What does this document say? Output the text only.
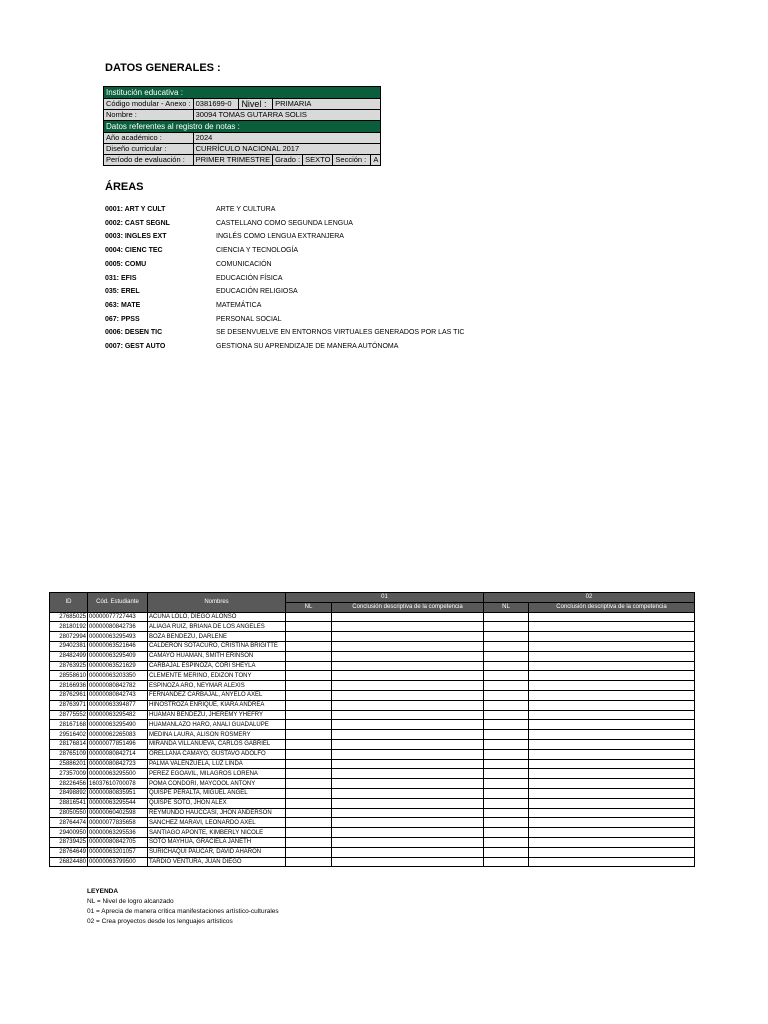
DATOS GENERALES :
Institución educativa :					
Código modular - Anexo :	0381699-0	Nivel :	PRIMARIA		
Nombre :	30094 TOMAS GUTARRA SOLIS				
Datos referentes al registro de notas :					
Año académico :	2024				
Diseño curricular :	CURRÍCULO NACIONAL 2017				
Período de evaluación :	PRIMER TRIMESTRE		Grado :	SEXTO	Sección : A
ÁREAS
0001: ART Y CULT	ARTE Y CULTURA
0002: CAST SEGNL	CASTELLANO COMO SEGUNDA LENGUA
0003: INGLES EXT	INGLÉS COMO LENGUA EXTRANJERA
0004: CIENC TEC	CIENCIA Y TECNOLOGÍA
0005: COMU	COMUNICACIÓN
031: EFIS	EDUCACIÓN FÍSICA
035: EREL	EDUCACIÓN RELIGIOSA
063: MATE	MATEMÁTICA
067: PPSS	PERSONAL SOCIAL
0006: DESEN TIC	SE DESENVUELVE EN ENTORNOS VIRTUALES GENERADOS POR LAS TIC
0007: GEST AUTO	GESTIONA SU APRENDIZAJE DE MANERA AUTÓNOMA
ID	Cód. Estudiante	Nombres	01		02	
			NL	Conclusión descriptiva de la competencia	NL	Conclusión descriptiva de la competencia
27685025	00000077727443	ACUNA LOLO, DIEGO ALONSO				
28180192	00000080842736	ALIAGA RUIZ, BRIANA DE LOS ANGELES				
28072994	00000063295493	BOZA BENDEZU, DARLENE				
29402381	00000063521646	CALDERON SOTACURO, CRISTINA BRIGITTE				
28482499	00000063295409	CAMAYO HUAMAN, SMITH ERINSON				
28763925	00000063521629	CARBAJAL ESPINOZA, CORI SHEYLA				
28558610	00000063203350	CLEMENTE MERINO, EDIZON TONY				
28166936	00000080842782	ESPINOZA ARO, NEYMAR ALEXIS				
28762961	00000080842743	FERNANDEZ CARBAJAL, ANYELO AXEL				
28763971	00000063394877	HINOSTROZA ENRIQUE, KIARA ANDREA				
28775552	00000063295482	HUAMAN BENDEZU, JHEREMY YHEFRY				
28167168	00000063295490	HUAMANLAZO HARO, ANALI GUADALUPE				
29516402	00000062265083	MEDINA LAURA, ALISON ROSMERY				
28176814	00000077851496	MIRANDA VILLANUEVA, CARLOS GABRIEL				
28765109	00000080842714	ORELLANA CAMAYO, GUSTAVO ADOLFO				
25886201	00000080842723	PALMA VALENZUELA, LUZ LINDA				
27357009	00000063295500	PEREZ EGOAVIL, MILAGROS LORENA				
28226456	16037610700078	POMA CONDORI, MAYCOOL ANTONY				
28498892	00000080835951	QUISPE PERALTA, MIGUEL ANGEL				
28816541	00000063295544	QUISPE SOTO, JHON ALEX				
28050550	00000060402598	REYMUNDO HAUCCASI, JHON ANDERSON				
28764474	00000077835658	SANCHEZ MARAVI, LEONARDO AXEL				
29400950	00000063295536	SANTIAGO APONTE, KIMBERLY NICOLE				
28739425	00000080842705	SOTO MAYHUA, GRACIELA JANETH				
28764649	00000063201057	SURICHAQUI PAUCAR, DAVID AHARON				
26824480	00000063799500	TARDIO VENTURA, JUAN DIEGO				
LEYENDA
NL = Nivel de logro alcanzado
01 = Aprecia de manera crítica manifestaciones artístico-culturales
02 = Crea proyectos desde los lenguajes artísticos
